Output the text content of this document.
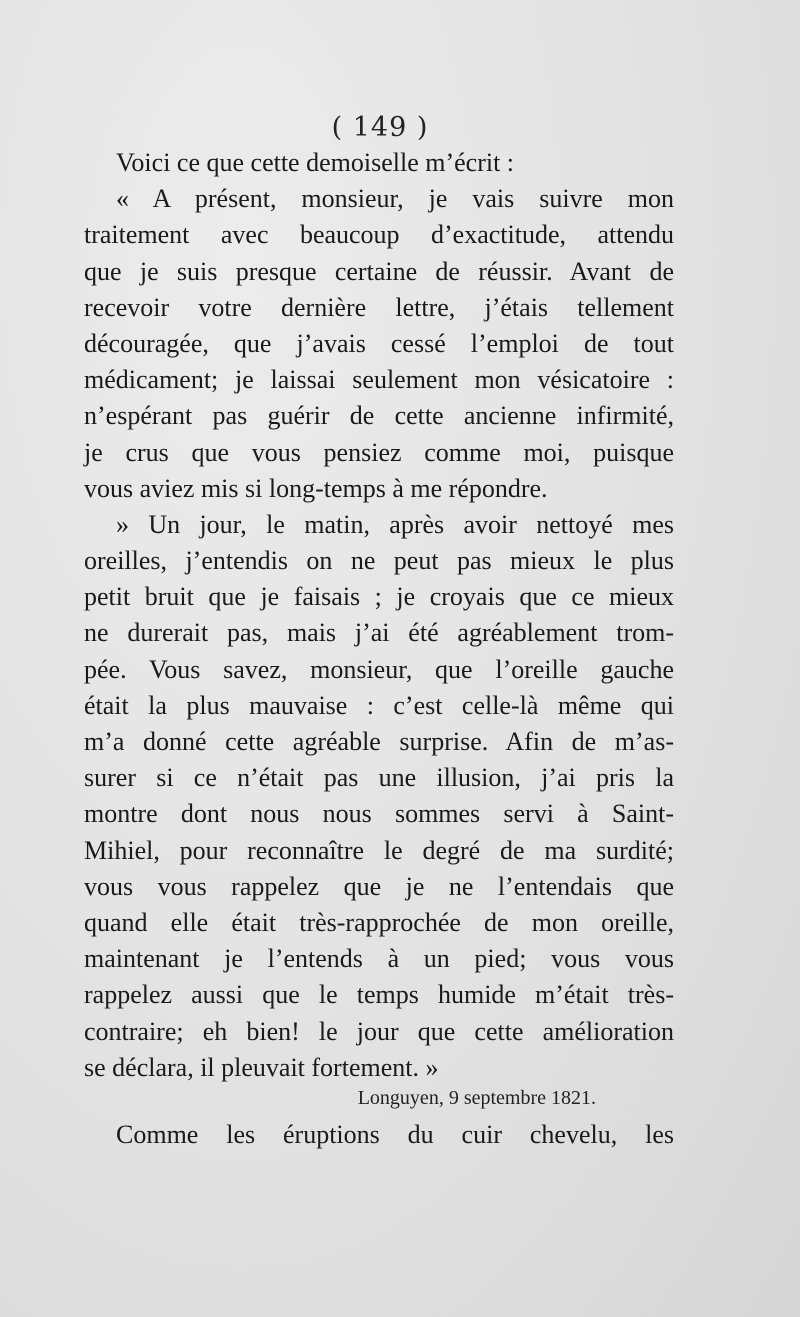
( 149 )
Voici ce que cette demoiselle m’écrit :
« A présent, monsieur, je vais suivre mon
traitement avec beaucoup d’exactitude, attendu
que je suis presque certaine de réussir. Avant de
recevoir votre dernière lettre, j’étais tellement
découragée, que j’avais cessé l’emploi de tout
médicament; je laissai seulement mon vésicatoire :
n’espérant pas guérir de cette ancienne infirmité,
je crus que vous pensiez comme moi, puisque
vous aviez mis si long-temps à me répondre.
» Un jour, le matin, après avoir nettoyé mes
oreilles, j’entendis on ne peut pas mieux le plus
petit bruit que je faisais ; je croyais que ce mieux
ne durerait pas, mais j’ai été agréablement trom-
pée. Vous savez, monsieur, que l’oreille gauche
était la plus mauvaise : c’est celle-là même qui
m’a donné cette agréable surprise. Afin de m’as-
surer si ce n’était pas une illusion, j’ai pris la
montre dont nous nous sommes servi à Saint-
Mihiel, pour reconnaître le degré de ma surdité;
vous vous rappelez que je ne l’entendais que
quand elle était très-rapprochée de mon oreille,
maintenant je l’entends à un pied; vous vous
rappelez aussi que le temps humide m’était très-
contraire; eh bien! le jour que cette amélioration
se déclara, il pleuvait fortement. »
Longuyen, 9 septembre 1821.
Comme les éruptions du cuir chevelu, les
